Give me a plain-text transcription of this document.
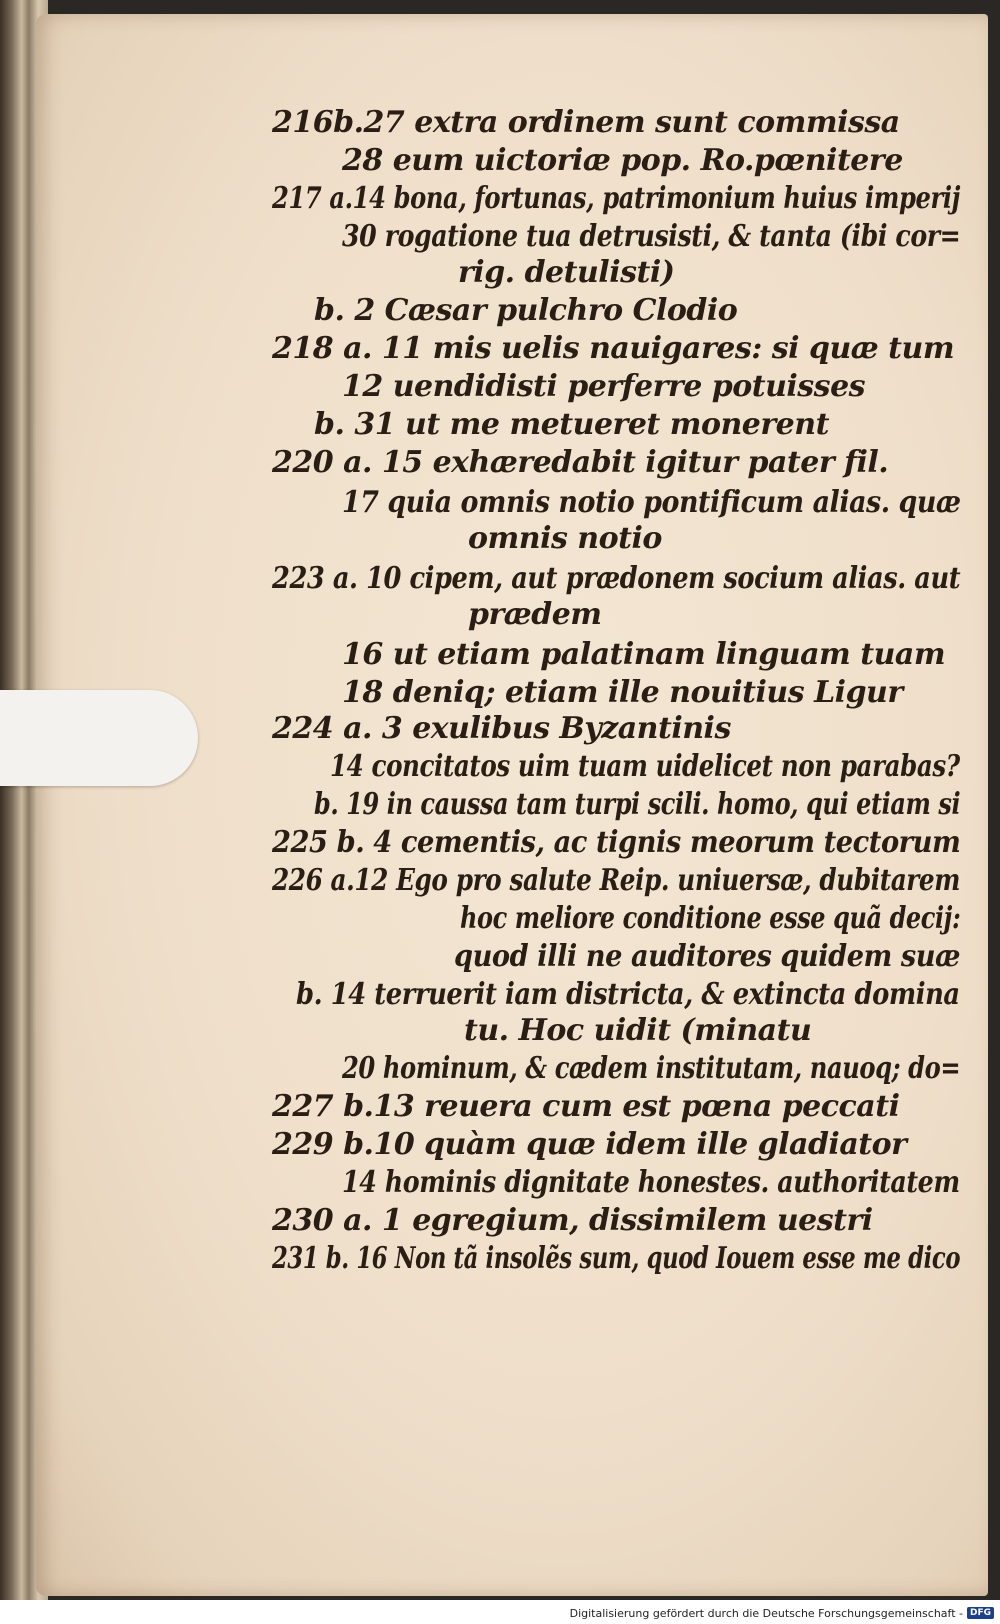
216b.27 extra ordinem sunt commissa
28 eum uictoriæ pop. Ro.pœnitere
217 a.14 bona, fortunas, patrimonium huius imperij
30 rogatione tua detrusisti, & tanta (ibi cor=
rig. detulisti)
b. 2 Cæsar pulchro Clodio
218 a. 11 mis uelis nauigares: si quæ tum
12 uendidisti perferre potuisses
b. 31 ut me metueret monerent
220 a. 15 exhæredabit igitur pater fil.
17 quia omnis notio pontificum alias. quæ
omnis notio
223 a. 10 cipem, aut prædonem socium alias. aut
prædem
16 ut etiam palatinam linguam tuam
18 deniq; etiam ille nouitius Ligur
224 a. 3 exulibus Byzantinis
14 concitatos uim tuam uidelicet non parabas?
b. 19 in caussa tam turpi scili. homo, qui etiam si
225 b. 4 cementis, ac tignis meorum tectorum
226 a.12 Ego pro salute Reip. uniuersæ, dubitarem
hoc meliore conditione esse quã decij:
quod illi ne auditores quidem suæ
b. 14 terruerit iam districta, & extincta domina
tu. Hoc uidit (minatu
20 hominum, & cædem institutam, nauoq; do=
227 b.13 reuera cum est pœna peccati
229 b.10 quàm quæ idem ille gladiator
14 hominis dignitate honestes. authoritatem
230 a. 1 egregium, dissimilem uestri
231 b. 16 Non tã insolẽs sum, quod Iouem esse me dico
Digitalisierung gefördert durch die Deutsche Forschungsgemeinschaft - DFG
